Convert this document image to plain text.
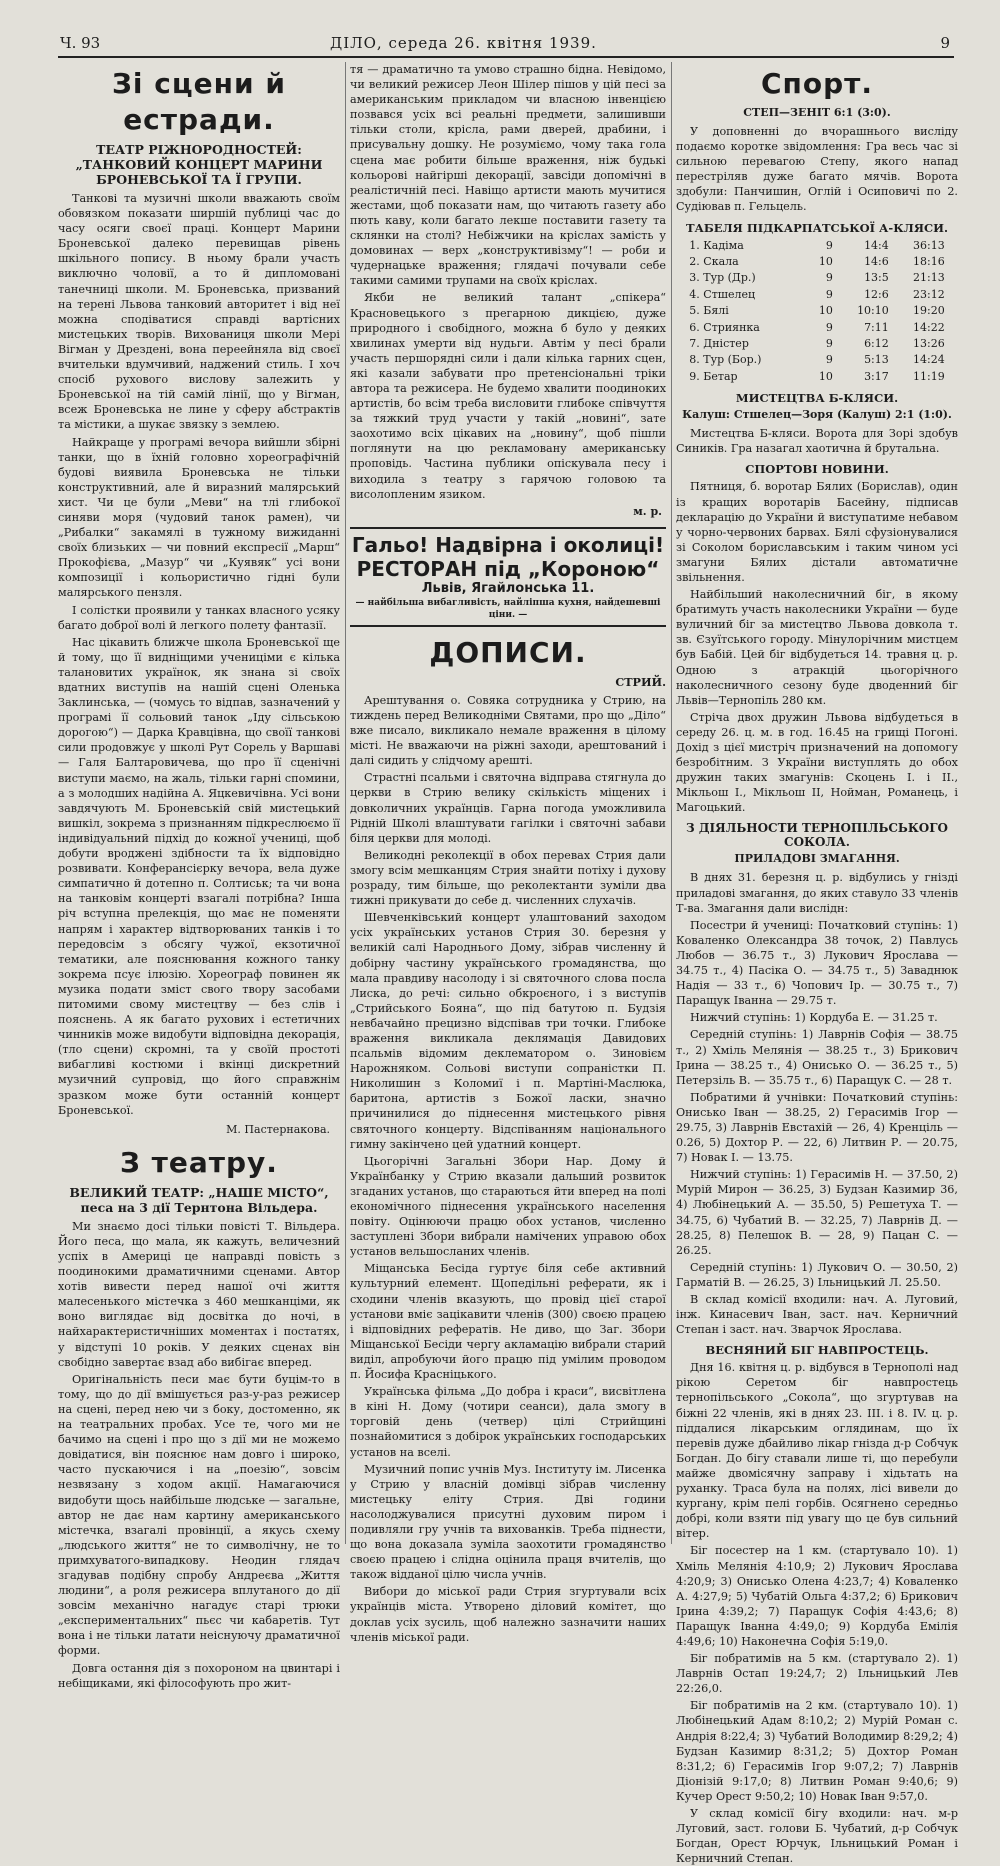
Ч. 93	ДІЛО, середа 26. квітня 1939.	9
Зі сцени й естради.
ТЕАТР РІЖНОРОДНОСТЕЙ: „ТАНКОВИЙ КОНЦЕРТ МАРИНИ БРОНЕВСЬКОЇ ТА Ї ГРУПИ.

Танкові та музичні школи вважають своїм обовязком показати ширшій публиці час до часу осяги своєї праці. Концерт Марини Броневської далеко перевищав рівень шкільного попису. В ньому брали участь виключно чоловії, а то й дипломовані танечниці школи. М. Броневська, призваний на терені Львова танковий авторитет і від неї можна сподіватися справді вартісних мистецьких творів. Вихованиця школи Мері Вігман у Дрездені, вона переейняла від своєї вчительки вдумчивий, наджений стиль. І хоч спосіб рухового вислову залежить у Броневської на тій самій лінії, що у Вігман, всеж Броневська не лине у сферу абстрактів та містики, а шукає звязку з землею.

Найкраще у програмі вечора вийшли збірні танки, що в їхній головно хореографічній будові виявила Броневська не тільки конструктивний, але й виразний малярський хист. Чи це були „Меви“ на тлі глибокої синяви моря (чудовий танок рамен), чи „Рибалки“ закамялі в тужному вижиданні своїх близьких — чи повний експресії „Марш“ Прокофієва, „Мазур“ чи „Куявяк“ усі вони композиції і кольористично гідні були малярського пензля.

І солістки проявили у танках власного усяку багато доброї волі й легкого полету фантазії.

Нас цікавить ближче школа Броневської ще й тому, що її видніщими учениціми є кілька талановитих українок, як знана зі своїх вдатних виступів на нашій сцені Оленька Заклинська, — (чомусь то відпав, зазначений у програмі її сольовий танок „Іду сільською дорогою“) — Дарка Кравцівна, що своїї танкові сили продовжує у школі Рут Сорель у Варшаві — Галя Балтаровичева, що про її сценічні виступи маємо, на жаль, тільки гарні спомини, а з молодших надійна А. Яцкевичівна. Усі вони завдячують М. Броневській свій мистецький вишкіл, зокрема з признанням підкреслюємо її індивідуальний підхід до кожної учениці, щоб добути вроджені здібности та їх відповідно розвивати. Конферансієрку вечора, вела дуже симпатично й дотепно п. Солтиськ; та чи вона на танковім концерті взагалі потрібна? Інша річ вступна прелекція, що має не поменяти напрям і характер відтворюваних танків і то передовсім з обсягу чужої, екзотичної тематики, але пояснювання кожного танку зокрема псує ілюзію. Хореограф повинен як музика подати зміст свого твору засобами питомими свому мистецтву — без слів і пояснень. А як багато рухових і естетичних чинників може видобути відповідна декорація, (тло сцени) скромні, та у своїй простоті вибагливі костюми і вкінці дискретний музичний супровід, що його справжнім зразком може бути останній концерт Броневської.

М. Пастернакова.
З театру.
ВЕЛИКИЙ ТЕАТР: „НАШЕ МІСТО“, песа на 3 дії Тернтона Вільдера.

Ми знаємо досі тільки повісті Т. Вільдера. Його песа, що мала, як кажуть, величезний успіх в Америці це направді повість з поодинокими драматичними сценами. Автор хотів вивести перед нашої очі життя малесенького містечка з 460 мешканціми, як воно виглядає від досвітка до ночі, в найхарактеристичніших моментах і постатях, у відступі 10 років. У деяких сценах він свобідно завертає взад або вибігає вперед.

Оригінальність песи має бути буцім-то в тому, що до дії вмішується раз-у-раз режисер на сцені, перед нею чи з боку, достоменно, як на театральних пробах. Усе те, чого ми не бачимо на сцені і про що з дії ми не можемо довідатися, він пояснює нам довго і широко, часто пускаючися і на „поезію“, зовсім незвязану з ходом акції. Намагаючися видобути щось найбільше людське — загальне, автор не дає нам картину американського містечка, взагалі провінції, а якусь схему „людського життя“ не то символічну, не то примхуватого-випадкову. Неодин глядач згадував подібну спробу Андреєва „Життя людини“, а роля режисера вплутаного до дії зовсім механічно нагадує старі трюки „експериментальних“ пьєс чи кабаретів. Тут вона і не тільки латати неіснуючу драматичної форми.

Довга остання дія з похороном на цвинтарі і небіщиками, які філософують про жит-

тя — драматично та умово страшно бідна. Невідомо, чи великий режисер Леон Шілер пішов у цій песі за американським прикладом чи власною інвенцією позвався усіх всі реальні предмети, залишивши тільки столи, крісла, рами дверей, драбини, і присувальну дошку. Не розуміємо, чому така гола сцена має робити більше враження, ніж будькі кольорові найгірші декорації, завсіди допомічні в реалістичній песі. Навіщо артисти мають мучитися жестами, щоб показати нам, що читають газету або пють каву, коли багато лекше поставити газету та склянки на столі? Небіжчики на кріслах замість у домовинах — верх „конструктивізму“! — роби и чудернацьке враження; глядачі почували себе такими самими трупами на своїх кріслах.

Якби не великий талант „спікера“ Красновецького з прегарною дикцією, дуже природного і свобідного, можна б було у деяких хвилинах умерти від нудьги. Автім у песі брали участь першорядні сили і дали кілька гарних сцен, які казали забувати про претенсіональні тріки автора та режисера. Не будемо хвалити поодиноких артистів, бо всім треба висловити глибоке співчуття за тяжкий труд участи у такій „новині“, зате заохотимо всіх цікавих на „новину“, щоб пішли поглянути на цю рекламовану американську проповідь. Частина публики опіскувала песу і виходила з театру з гарячою головою та висолопленим язиком.

м. р.
Гальо! Надвірна і околиці!
РЕСТОРАН під „Короною“
Львів, Ягайлонська 11.
— найбільша вибагливість, найліпша кухня, найдешевші ціни. —
ДОПИСИ.
СТРИЙ.

Арештування о. Совяка сотрудника у Стрию, на тиждень перед Великодніми Святами, про що „Діло“ вже писало, викликало немале враження в цілому місті. Не вважаючи на ріжні заходи, арештований і далі сидить у слідчому арешті.

Страстні псальми і святочна відправа стягнула до церкви в Стрию велику скількість міщених і довколичних українців. Гарна погода уможливила Рідній Школі влаштувати гагілки і святочні забави біля церкви для молоді.

Великодні реколекції в обох перевах Стрия дали змогу всім мешканцям Стрия знайти потіху і духову розраду, тим більше, що реколектанти зуміли два тижні прикувати до себе д. численних слухачів.

Шевченківський концерт улаштований заходом усіх українських установ Стрия 30. березня у великій салі Народнього Дому, зібрав численну й добірну частину українського громадянства, що мала правдиву насолоду і зі святочного слова посла Лиска, до речі: сильно обкроєного, і з виступів „Стрийського Бояна“, що під батутою п. Будзія невбачайно прецизно відспівав три точки. Глибоке враження викликала деклямація Давидових псальмів відомим деклематором о. Зиновієм Нарожняком. Сольові виступи сопраністки П. Николишин з Коломиї і п. Мартіні-Маслюка, баритона, артистів з Божої ласки, значно причинилися до піднесення мистецького рівня святочного концерту. Відспіванням національного гимну закінчено цей удатний концерт.

Цьогорічні Загальні Збори Нар. Дому й Українбанку у Стрию вказали дальший розвиток згаданих установ, що стараються йти вперед на полі економічного піднесення українського населення повіту. Оцінюючи працю обох установ, численно заступлені Збори вибрали намічених управою обох установ вельшосланих членів.

Міщанська Бесіда гуртує біля себе активний культурний елемент. Щопедільні реферати, як і сходини членів вказують, що провід цієї старої установи вміє зацікавити членів (300) своєю працею і відповідних рефератів. Не диво, що Заг. Збори Міщанської Бесіди чергу акламацію вибрали старий виділ, апробуючи його працю під умілим проводом п. Йосифа Красніцького.

Українська фільма „До добра і краси“, висвітлена в кіні Н. Дому (чотири сеанси), дала змогу в торговій день (четвер) цілі Стрийщині познайомитися з добірок українських господарських установ на вселі.

Музичний попис учнів Муз. Інституту ім. Лисенка у Стрию у власній домівці зібрав численну мистецьку еліту Стрия. Дві години насолоджувалися присутні духовим пиром і подивляли гру учнів та вихованків. Треба піднести, що вона доказала зуміла заохотити громадянство своєю працею і слідна оцінила праця вчителів, що також відданої цілю числа учнів.

Вибори до міської ради Стрия згуртували всіх українців міста. Утворено діловий комітет, що доклав усіх зусиль, щоб належно зазначити наших членів міської ради.

Спорт.
СТЕП—ЗЕНІТ 6:1 (3:0).

У доповненні до вчорашнього висліду подаємо коротке звідомлення: Гра весь час зі сильною перевагою Степу, якого напад перестріляв дуже багато мячів. Ворота здобули: Панчишин, Оглій і Осиповичі по 2. Судіював п. Гельцель.

ТАБЕЛЯ ПІДКАРПАТСЬКОЇ А-КЛЯСИ.
1. Кадіма	9	14:4	36:13
2. Скала	10	14:6	18:16
3. Тур (Др.)	9	13:5	21:13
4. Стшелец	9	12:6	23:12
5. Бялі	10	10:10	19:20
6. Стриянка	9	7:11	14:22
7. Дністер	9	6:12	13:26
8. Тур (Бор.)	9	5:13	14:24
9. Бетар	10	3:17	11:19
МИСТЕЦТВА Б-КЛЯСИ.
Калуш: Стшелец—Зоря (Калуш) 2:1 (1:0).

Мистецтва Б-кляси. Ворота для Зорі здобув Сиників. Гра назагал хаотична й брутальна.

СПОРТОВІ НОВИНИ.

Пятниця, б. воротар Бялих (Борислав), один із кращих воротарів Басейну, підписав декларацію до України й виступатиме небавом у чорно-червоних барвах. Бялі сфузіонувалися зі Соколом бориславським і таким чином усі змагуни Бялих дістали автоматичне звільнення.

Найбільший наколесничний біг, в якому братимуть участь наколесники України — буде вуличний біг за мистецтво Львова довкола т. зв. Єзуїтського городу. Мінулорічним мистцем був Бабій. Цей біг відбудеться 14. травня ц. р. Одною з атракцій цьогорічного наколесничного сезону буде дводенний біг Львів—Тернопіль 280 км.

Стріча двох дружин Львова відбудеться в середу 26. ц. м. в год. 16.45 на грищі Погоні. Дохід з цієї мистріч призначений на допомогу безробітним. З України виступлять до обох дружин таких змагунів: Скоцень І. і ІІ., Мікльош І., Мікльош ІІ, Нойман, Романець, і Магоцький.

З ДІЯЛЬНОСТИ ТЕРНОПІЛЬСЬКОГО СОКОЛА.
ПРИЛАДОВІ ЗМАГАННЯ.

В днях 31. березня ц. р. відбулись у гнізді приладові змагання, до яких ставуло 33 членів Т-ва. Змагання дали вислідн:

Посестри й учениці: Початковий ступінь: 1) Коваленко Олександра 38 точок, 2) Павлусь Любов — 36.75 т., 3) Лукович Ярослава — 34.75 т., 4) Пасіка О. — 34.75 т., 5) Заваднюк Надія — 33 т., 6) Чопович Ір. — 30.75 т., 7) Паращук Іванна — 29.75 т.

Нижчий ступінь: 1) Кордуба Е. — 31.25 т.

Середній ступінь: 1) Лаврнів Софія — 38.75 т., 2) Хміль Мелянія — 38.25 т., 3) Брикович Ірина — 38.25 т., 4) Онисько О. — 36.25 т., 5) Петерзіль В. — 35.75 т., 6) Паращук С. — 28 т.

Побратими й учнівки: Початковий ступінь: Онисько Іван — 38.25, 2) Герасимів Ігор — 29.75, 3) Лаврнів Евстахій — 26, 4) Кренціль — 0.26, 5) Дохтор Р. — 22, 6) Литвин Р. — 20.75, 7) Новак І. — 13.75.

Нижчий ступінь: 1) Герасимів Н. — 37.50, 2) Мурій Мирон — 36.25, 3) Будзан Казимир 36, 4) Любінецький А. — 35.50, 5) Решетуха Т. — 34.75, 6) Чубатий В. — 32.25, 7) Лаврнів Д. — 28.25, 8) Пелешок В. — 28, 9) Пацан С. — 26.25.

Середній ступінь: 1) Лукович О. — 30.50, 2) Гарматій В. — 26.25, 3) Ільницький Л. 25.50.

В склад комісії входили: нач. А. Луговий, інж. Кинасевич Іван, заст. нач. Керничний Степан і заст. нач. Зварчок Ярослава.

ВЕСНЯНИЙ БІГ НАВПРОСТЕЦЬ.

Дня 16. квітня ц. р. відбувся в Тернополі над рікою Серетом біг навпростець тернопільського „Сокола“, що згуртував на біжні 22 членів, які в днях 23. III. і 8. IV. ц. р. піддалися лікарським оглядинам, що їх перевів дуже дбайливо лікар гнізда д-р Собчук Богдан. До бігу ставали лише ті, що перебули майже двомісячну заправу і хідьтать на руханку. Траса була на полях, лісі вивели до кургану, крім пелі горбів. Осягнено середньо добрі, коли взяти під увагу що це був сильний вітер.

Біг посестер на 1 км. (стартувало 10). 1) Хміль Мелянія 4:10,9; 2) Лукович Ярослава 4:20,9; 3) Онисько Олена 4:23,7; 4) Коваленко А. 4:27,9; 5) Чубатій Ольга 4:37,2; 6) Брикович Ірина 4:39,2; 7) Паращук Софія 4:43,6; 8) Паращук Іванна 4:49,0; 9) Кордуба Емілія 4:49,6; 10) Наконечна Софія 5:19,0.

Біг побратимів на 5 км. (стартувало 2). 1) Лаврнів Остап 19:24,7; 2) Ільницький Лев 22:26,0.

Біг побратимів на 2 км. (стартувало 10). 1) Любінецький Адам 8:10,2; 2) Мурій Роман с. Андрія 8:22,4; 3) Чубатий Володимир 8:29,2; 4) Будзан Казимир 8:31,2; 5) Дохтор Роман 8:31,2; 6) Герасимів Ігор 9:07,2; 7) Лаврнів Діонізій 9:17,0; 8) Литвин Роман 9:40,6; 9) Кучер Орест 9:50,2; 10) Новак Іван 9:57,0.

У склад комісії бігу входили: нач. м-р Луговий, заст. голови Б. Чубатий, д-р Собчук Богдан, Орест Юрчук, Ільницький Роман і Керничний Степан.
